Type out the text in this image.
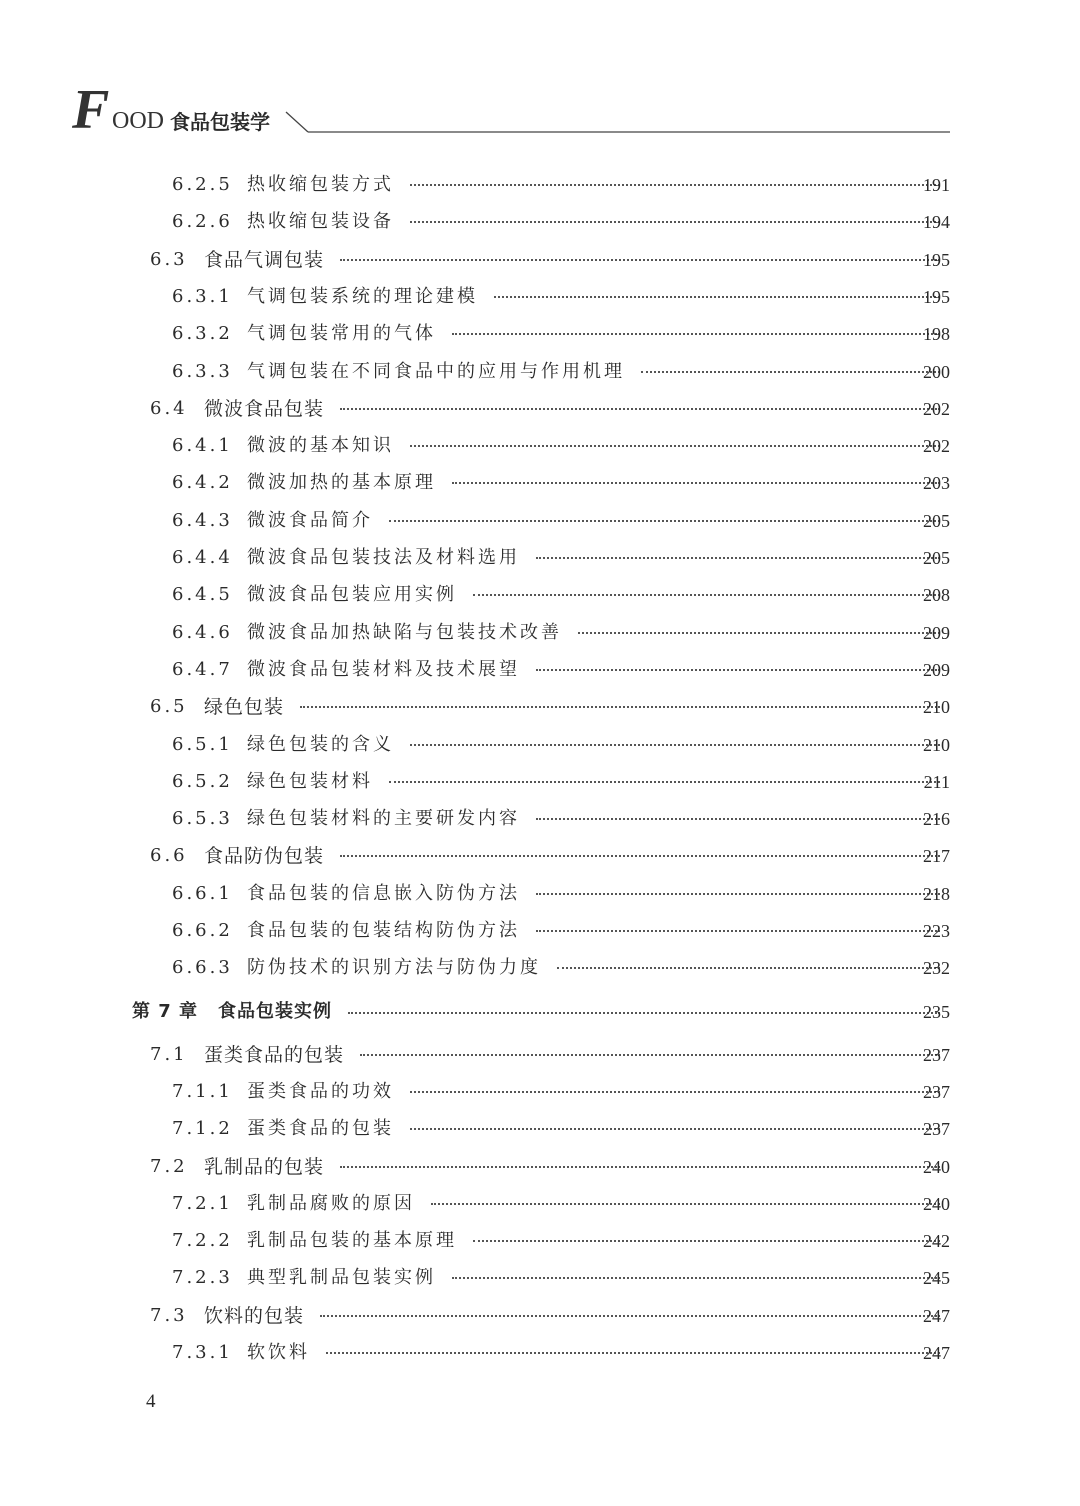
F OOD 食品包装学
6.2.5 热收缩包装方式	191
6.2.6 热收缩包装设备	194
6.3 食品气调包装	195
6.3.1 气调包装系统的理论建模	195
6.3.2 气调包装常用的气体	198
6.3.3 气调包装在不同食品中的应用与作用机理	200
6.4 微波食品包装	202
6.4.1 微波的基本知识	202
6.4.2 微波加热的基本原理	203
6.4.3 微波食品简介	205
6.4.4 微波食品包装技法及材料选用	205
6.4.5 微波食品包装应用实例	208
6.4.6 微波食品加热缺陷与包装技术改善	209
6.4.7 微波食品包装材料及技术展望	209
6.5 绿色包装	210
6.5.1 绿色包装的含义	210
6.5.2 绿色包装材料	211
6.5.3 绿色包装材料的主要研发内容	216
6.6 食品防伪包装	217
6.6.1 食品包装的信息嵌入防伪方法	218
6.6.2 食品包装的包装结构防伪方法	223
6.6.3 防伪技术的识别方法与防伪力度	232
第 7 章 食品包装实例	235
7.1 蛋类食品的包装	237
7.1.1 蛋类食品的功效	237
7.1.2 蛋类食品的包装	237
7.2 乳制品的包装	240
7.2.1 乳制品腐败的原因	240
7.2.2 乳制品包装的基本原理	242
7.2.3 典型乳制品包装实例	245
7.3 饮料的包装	247
7.3.1 软饮料	247
4
